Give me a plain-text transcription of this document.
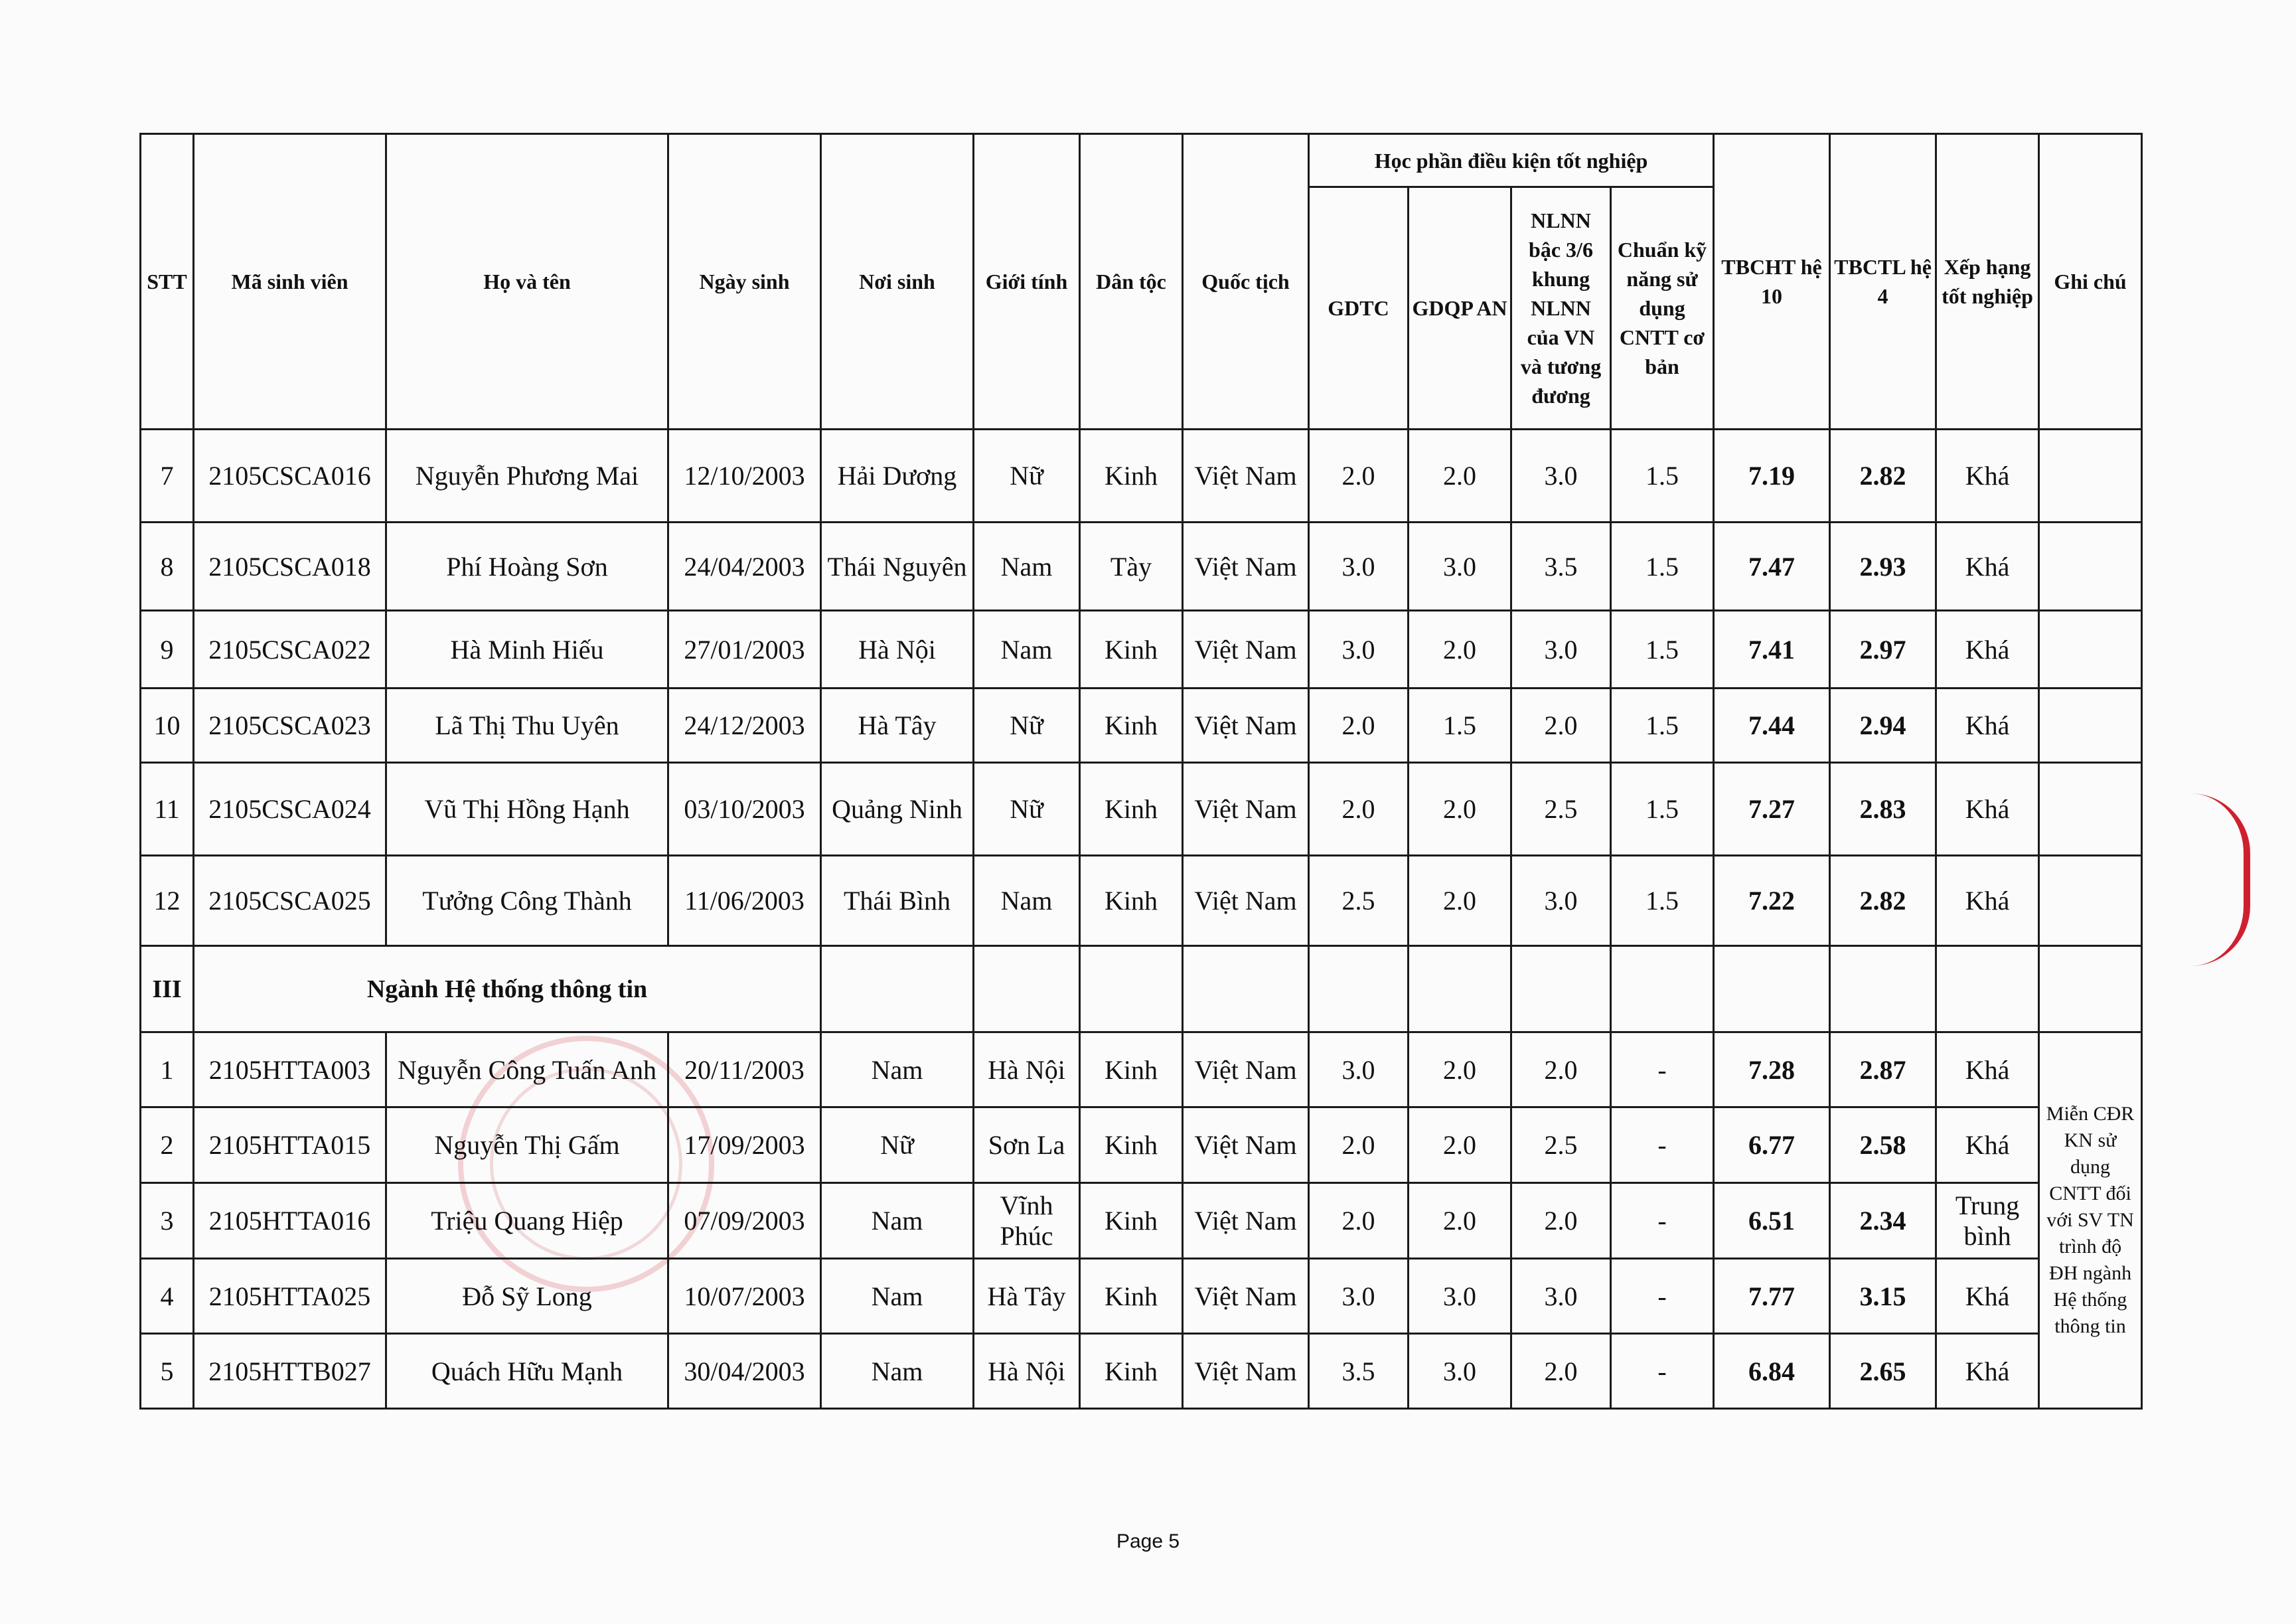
STT	Mã sinh viên	Họ và tên	Ngày sinh	Nơi sinh	Giới tính	Dân tộc	Quốc tịch	Học phần điều kiện tốt nghiệp				TBCHT hệ 10	TBCTL hệ 4	Xếp hạng tốt nghiệp	Ghi chú
								GDTC	GDQP AN	NLNN bậc 3/6 khung NLNN của VN và tương đương	Chuẩn kỹ năng sử dụng CNTT cơ bản				
7	2105CSCA016	Nguyễn Phương Mai	12/10/2003	Hải Dương	Nữ	Kinh	Việt Nam	2.0	2.0	3.0	1.5	7.19	2.82	Khá	
8	2105CSCA018	Phí Hoàng Sơn	24/04/2003	Thái Nguyên	Nam	Tày	Việt Nam	3.0	3.0	3.5	1.5	7.47	2.93	Khá	
9	2105CSCA022	Hà Minh Hiếu	27/01/2003	Hà Nội	Nam	Kinh	Việt Nam	3.0	2.0	3.0	1.5	7.41	2.97	Khá	
10	2105CSCA023	Lã Thị Thu Uyên	24/12/2003	Hà Tây	Nữ	Kinh	Việt Nam	2.0	1.5	2.0	1.5	7.44	2.94	Khá	
11	2105CSCA024	Vũ Thị Hồng Hạnh	03/10/2003	Quảng Ninh	Nữ	Kinh	Việt Nam	2.0	2.0	2.5	1.5	7.27	2.83	Khá	
12	2105CSCA025	Tưởng Công Thành	11/06/2003	Thái Bình	Nam	Kinh	Việt Nam	2.5	2.0	3.0	1.5	7.22	2.82	Khá	
III	Ngành Hệ thống thông tin														
1	2105HTTA003	Nguyễn Công Tuấn Anh	20/11/2003	Nam	Hà Nội	Kinh	Việt Nam	3.0	2.0	2.0	-	7.28	2.87	Khá	Miễn CĐR KN sử dụng CNTT đối với SV TN trình độ ĐH ngành Hệ thống thông tin
2	2105HTTA015	Nguyễn Thị Gấm	17/09/2003	Nữ	Sơn La	Kinh	Việt Nam	2.0	2.0	2.5	-	6.77	2.58	Khá	
3	2105HTTA016	Triệu Quang Hiệp	07/09/2003	Nam	Vĩnh Phúc	Kinh	Việt Nam	2.0	2.0	2.0	-	6.51	2.34	Trung bình	
4	2105HTTA025	Đỗ Sỹ Long	10/07/2003	Nam	Hà Tây	Kinh	Việt Nam	3.0	3.0	3.0	-	7.77	3.15	Khá	
5	2105HTTB027	Quách Hữu Mạnh	30/04/2003	Nam	Hà Nội	Kinh	Việt Nam	3.5	3.0	2.0	-	6.84	2.65	Khá	
Page 5
